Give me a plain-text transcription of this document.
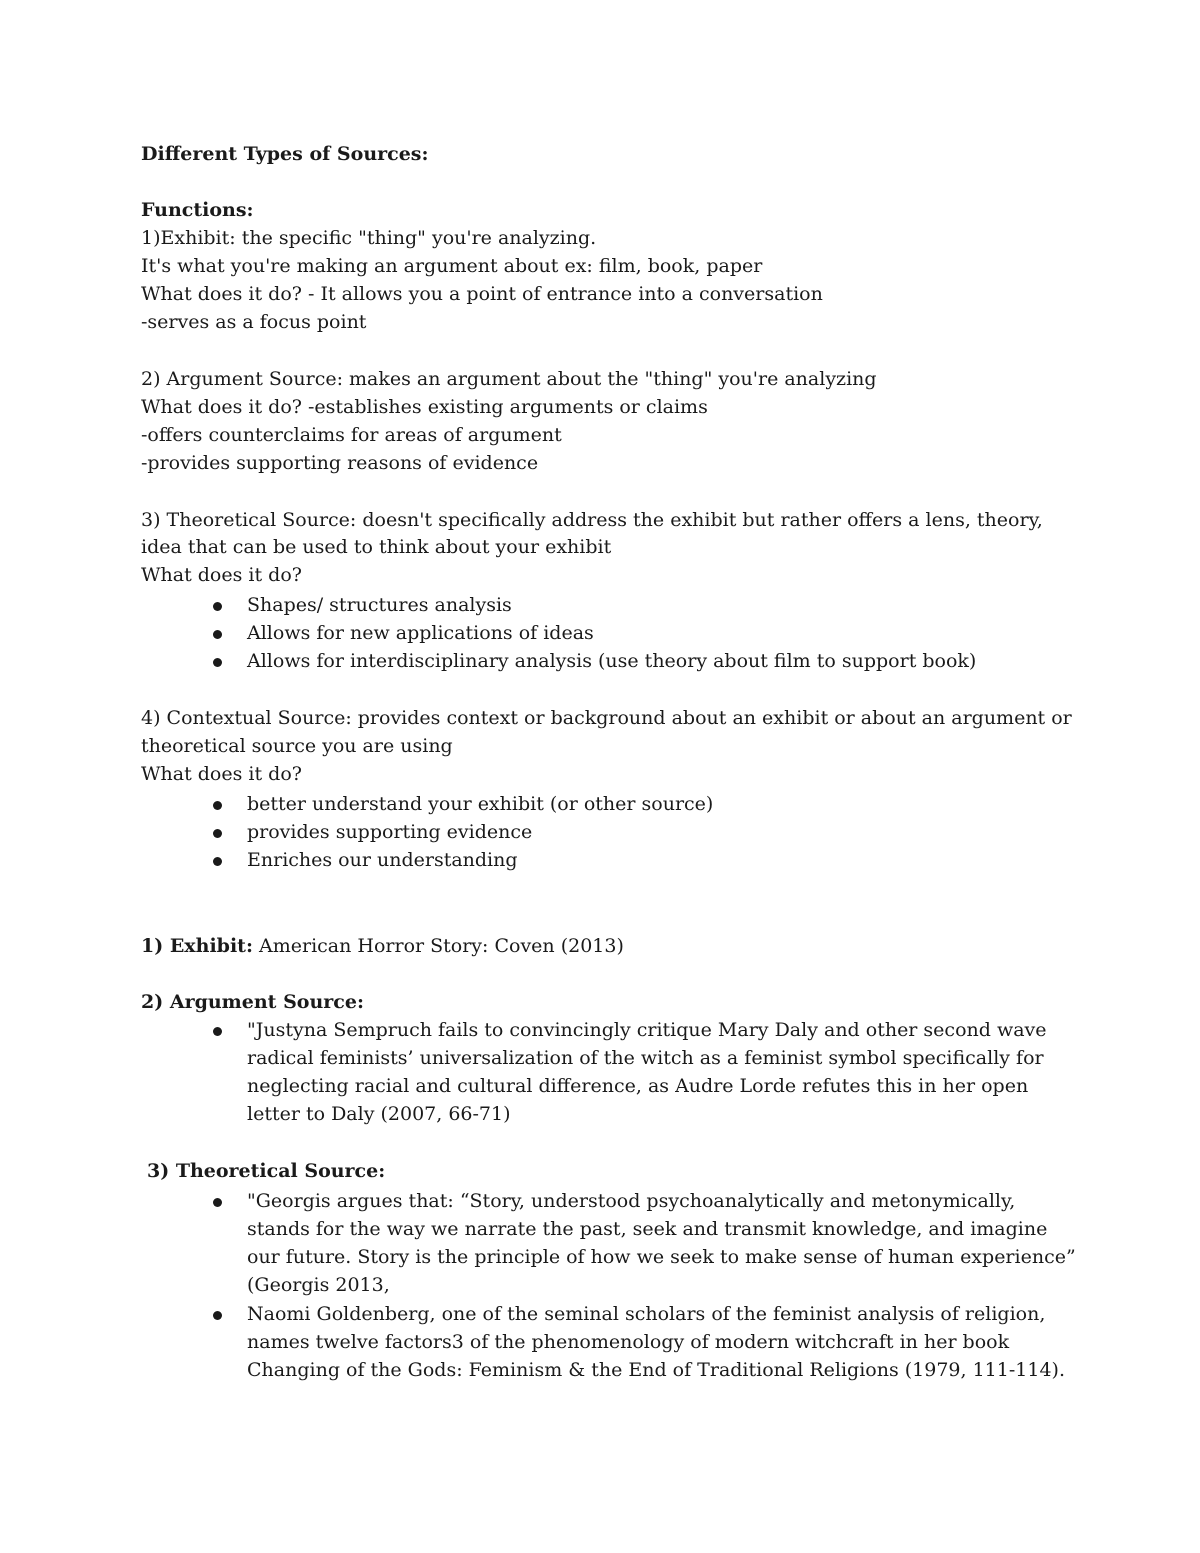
Different Types of Sources:
Functions:
1)Exhibit: the specific "thing" you're analyzing.
It's what you're making an argument about ex: film, book, paper
What does it do? - It allows you a point of entrance into a conversation
-serves as a focus point
2) Argument Source: makes an argument about the "thing" you're analyzing
What does it do? -establishes existing arguments or claims
-offers counterclaims for areas of argument
-provides supporting reasons of evidence
3) Theoretical Source: doesn't specifically address the exhibit but rather offers a lens, theory,
idea that can be used to think about your exhibit
What does it do?
Shapes/ structures analysis
Allows for new applications of ideas
Allows for interdisciplinary analysis (use theory about film to support book)
4) Contextual Source: provides context or background about an exhibit or about an argument or
theoretical source you are using
What does it do?
better understand your exhibit (or other source)
provides supporting evidence
Enriches our understanding
1) Exhibit: American Horror Story: Coven (2013)
2) Argument Source:
"Justyna Sempruch fails to convincingly critique Mary Daly and other second wave
radical feminists’ universalization of the witch as a feminist symbol specifically for
neglecting racial and cultural difference, as Audre Lorde refutes this in her open
letter to Daly (2007, 66-71)
3) Theoretical Source:
"Georgis argues that: “Story, understood psychoanalytically and metonymically,
stands for the way we narrate the past, seek and transmit knowledge, and imagine
our future. Story is the principle of how we seek to make sense of human experience”
(Georgis 2013,
Naomi Goldenberg, one of the seminal scholars of the feminist analysis of religion,
names twelve factors3 of the phenomenology of modern witchcraft in her book
Changing of the Gods: Feminism & the End of Traditional Religions (1979, 111-114).
